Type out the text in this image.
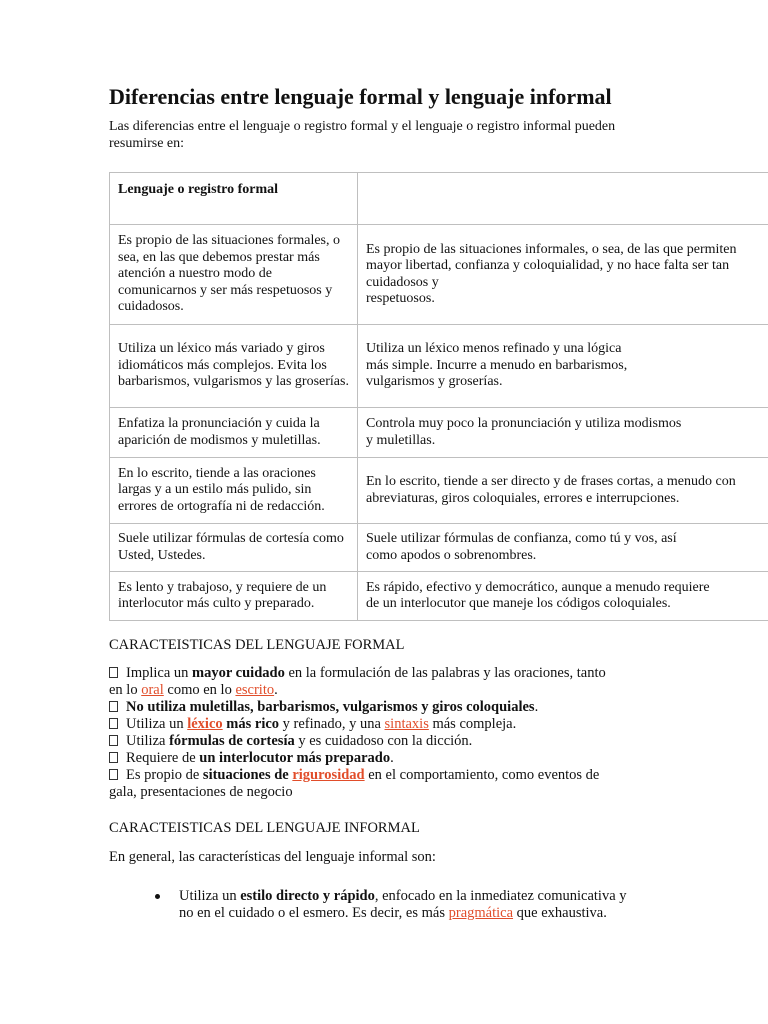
Diferencias entre lenguaje formal y lenguaje informal

Las diferencias entre el lenguaje o registro formal y el lenguaje o registro informal pueden resumirse en:

Lenguaje o registro formal	
Es propio de las situaciones formales, o sea, en las que debemos prestar más atención a nuestro modo de comunicarnos y ser más respetuosos y cuidadosos.	Es propio de las situaciones informales, o sea, de las que permiten mayor libertad, confianza y coloquialidad, y no hace falta ser tan cuidadosos y
respetuosos.
Utiliza un léxico más variado y giros idiomáticos más complejos. Evita los barbarismos, vulgarismos y las groserías.	Utiliza un léxico menos refinado y una lógica
más simple. Incurre a menudo en barbarismos,
vulgarismos y groserías.
Enfatiza la pronunciación y cuida la aparición de modismos y muletillas.	Controla muy poco la pronunciación y utiliza modismos
y muletillas.
En lo escrito, tiende a las oraciones largas y a un estilo más pulido, sin errores de ortografía ni de redacción.	En lo escrito, tiende a ser directo y de frases cortas, a menudo con abreviaturas, giros coloquiales, errores e interrupciones.
Suele utilizar fórmulas de cortesía como Usted, Ustedes.	Suele utilizar fórmulas de confianza, como tú y vos, así
como apodos o sobrenombres.
Es lento y trabajoso, y requiere de un interlocutor más culto y preparado.	Es rápido, efectivo y democrático, aunque a menudo requiere
de un interlocutor que maneje los códigos coloquiales.
CARACTEISTICAS DEL LENGUAJE FORMAL
Implica un mayor cuidado en la formulación de las palabras y las oraciones, tanto
en lo oral como en lo escrito.
No utiliza muletillas, barbarismos, vulgarismos y giros coloquiales.
Utiliza un léxico más rico y refinado, y una sintaxis más compleja.
Utiliza fórmulas de cortesía y es cuidadoso con la dicción.
Requiere de un interlocutor más preparado.
Es propio de situaciones de rigurosidad en el comportamiento, como eventos de
gala, presentaciones de negocio
CARACTEISTICAS DEL LENGUAJE INFORMAL

En general, las características del lenguaje informal son:

Utiliza un estilo directo y rápido, enfocado en la inmediatez comunicativa y
no en el cuidado o el esmero. Es decir, es más pragmática que exhaustiva.
